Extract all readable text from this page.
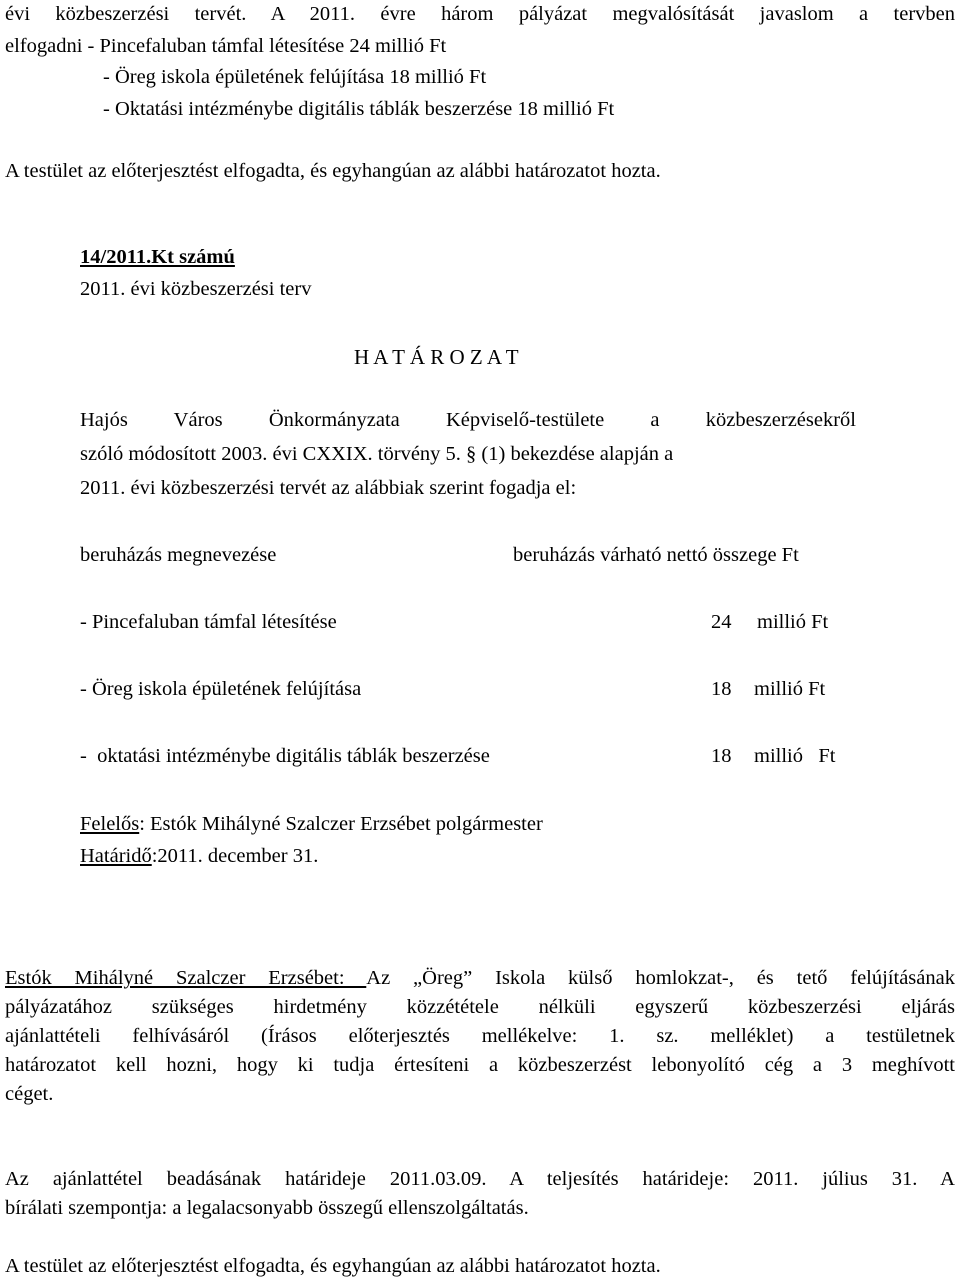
évi közbeszerzési tervét. A 2011. évre három pályázat megvalósítását javaslom a tervben
elfogadni - Pincefaluban támfal létesítése 24 millió Ft
- Öreg iskola épületének felújítása 18 millió Ft
- Oktatási intézménybe digitális táblák beszerzése 18 millió Ft
A testület az előterjesztést elfogadta, és egyhangúan az alábbi határozatot hozta.
14/2011.Kt számú
2011. évi közbeszerzési terv
H A T Á R O Z A T
Hajós Város Önkormányzata Képviselő-testülete a közbeszerzésekről
szóló módosított 2003. évi CXXIX. törvény 5. § (1) bekezdése alapján a
2011. évi közbeszerzési tervét az alábbiak szerint fogadja el:
beruházás megnevezése	beruházás várható nettó összege Ft
- Pincefaluban támfal létesítése	24 millió Ft
- Öreg iskola épületének felújítása	18 millió Ft
-  oktatási intézménybe digitális táblák beszerzése	18 millió   Ft
Felelős: Estók Mihályné Szalczer Erzsébet polgármester
Határidő:2011. december 31.
Estók Mihályné Szalczer Erzsébet: Az „Öreg” Iskola külső homlokzat-, és tető felújításának
pályázatához szükséges hirdetmény közzététele nélküli egyszerű közbeszerzési eljárás
ajánlattételi felhívásáról (Írásos előterjesztés mellékelve: 1. sz. melléklet) a testületnek
határozatot kell hozni, hogy ki tudja értesíteni a közbeszerzést lebonyolító cég a 3 meghívott
céget.
Az ajánlattétel beadásának határideje 2011.03.09. A teljesítés határideje: 2011. július 31. A
bírálati szempontja: a legalacsonyabb összegű ellenszolgáltatás.
A testület az előterjesztést elfogadta, és egyhangúan az alábbi határozatot hozta.
